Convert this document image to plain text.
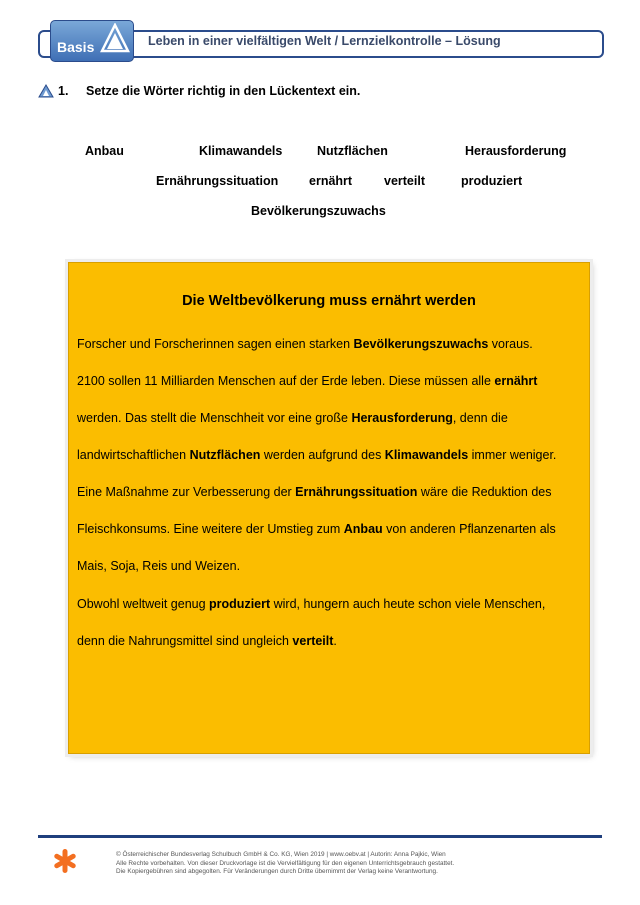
Basis	Leben in einer vielfältigen Welt / Lernzielkontrolle – Lösung
1. Setze die Wörter richtig in den Lückentext ein.
Anbau	Klimawandels	Nutzflächen	Herausforderung
Ernährungssituation ernährt	verteilt	produziert
Bevölkerungszuwachs
Die Weltbevölkerung muss ernährt werden
Forscher und Forscherinnen sagen einen starken Bevölkerungszuwachs voraus.
2100 sollen 11 Milliarden Menschen auf der Erde leben. Diese müssen alle ernährt
werden. Das stellt die Menschheit vor eine große Herausforderung, denn die
landwirtschaftlichen Nutzflächen werden aufgrund des Klimawandels immer weniger.
Eine Maßnahme zur Verbesserung der Ernährungssituation wäre die Reduktion des
Fleischkonsums. Eine weitere der Umstieg zum Anbau von anderen Pflanzenarten als
Mais, Soja, Reis und Weizen.
Obwohl weltweit genug produziert wird, hungern auch heute schon viele Menschen,
denn die Nahrungsmittel sind ungleich verteilt.
© Österreichischer Bundesverlag Schulbuch GmbH & Co. KG, Wien 2019 | www.oebv.at | Autorin: Anna Pajkic, Wien
Alle Rechte vorbehalten. Von dieser Druckvorlage ist die Vervielfältigung für den eigenen Unterrichtsgebrauch gestattet.
Die Kopiergebühren sind abgegolten. Für Veränderungen durch Dritte übernimmt der Verlag keine Verantwortung.
